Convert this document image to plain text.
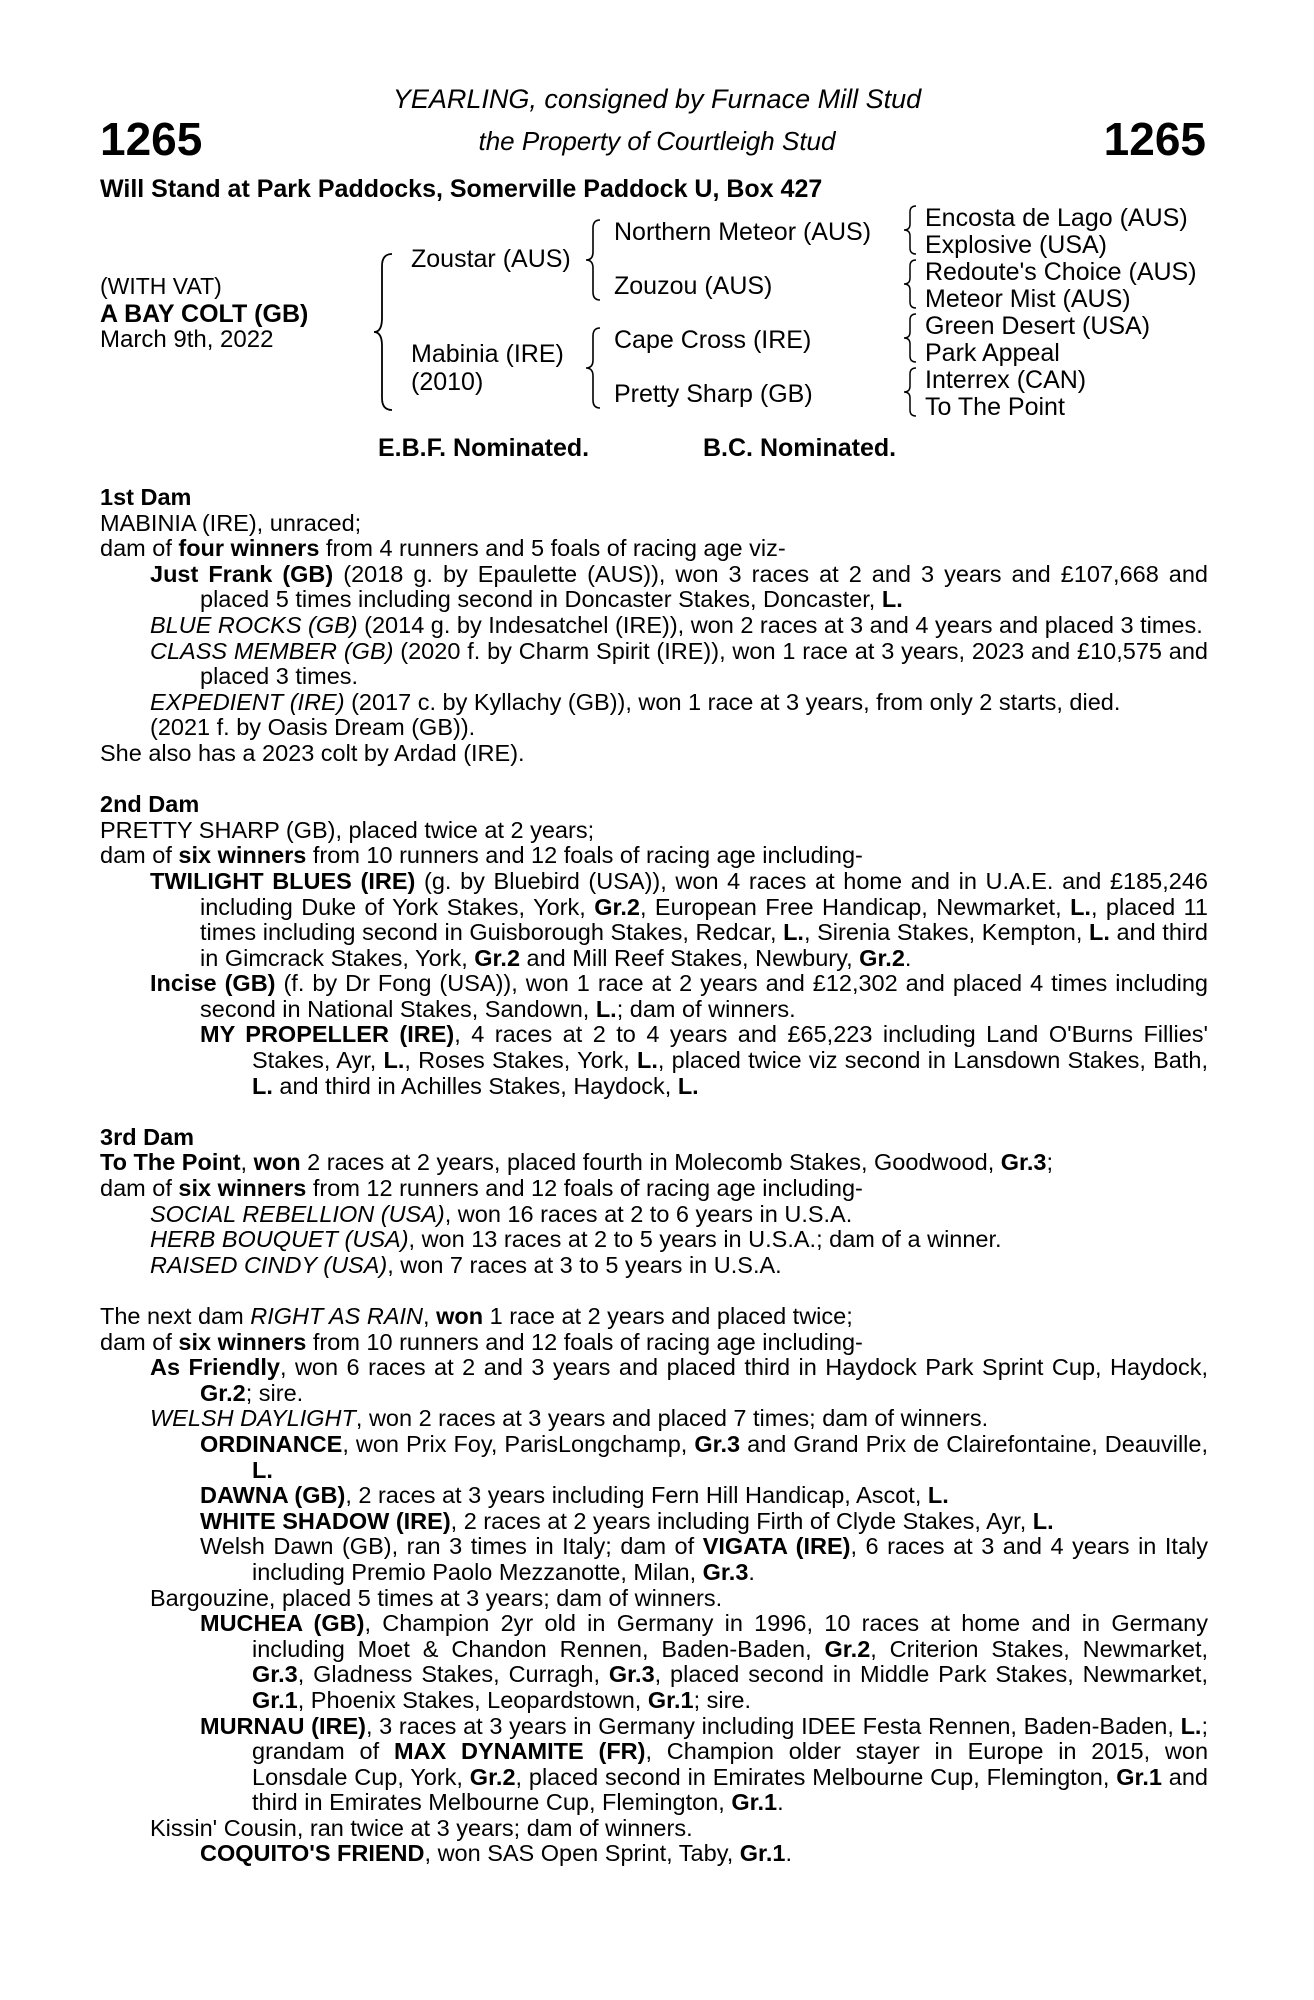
1265	1265
YEARLING, consigned by Furnace Mill Stud
the Property of Courtleigh Stud
Will Stand at Park Paddocks, Somerville Paddock U, Box 427
(WITH VAT)
A BAY COLT (GB)
March 9th, 2022
Zoustar (AUS)
Mabinia (IRE)
(2010)
Northern Meteor (AUS)
Zouzou (AUS)
Cape Cross (IRE)
Pretty Sharp (GB)
Encosta de Lago (AUS)
Explosive (USA)
Redoute's Choice (AUS)
Meteor Mist (AUS)
Green Desert (USA)
Park Appeal
Interrex (CAN)
To The Point
E.B.F. Nominated.	B.C. Nominated.

1st Dam

MABINIA (IRE), unraced;

dam of four winners from 4 runners and 5 foals of racing age viz-

Just Frank (GB) (2018 g. by Epaulette (AUS)), won 3 races at 2 and 3 years and £107,668 and placed 5 times including second in Doncaster Stakes, Doncaster, L.

BLUE ROCKS (GB) (2014 g. by Indesatchel (IRE)), won 2 races at 3 and 4 years and placed 3 times.

CLASS MEMBER (GB) (2020 f. by Charm Spirit (IRE)), won 1 race at 3 years, 2023 and £10,575 and placed 3 times.

EXPEDIENT (IRE) (2017 c. by Kyllachy (GB)), won 1 race at 3 years, from only 2 starts, died.

(2021 f. by Oasis Dream (GB)).

She also has a 2023 colt by Ardad (IRE).

2nd Dam

PRETTY SHARP (GB), placed twice at 2 years;

dam of six winners from 10 runners and 12 foals of racing age including-

TWILIGHT BLUES (IRE) (g. by Bluebird (USA)), won 4 races at home and in U.A.E. and £185,246 including Duke of York Stakes, York, Gr.2, European Free Handicap, Newmarket, L., placed 11 times including second in Guisborough Stakes, Redcar, L., Sirenia Stakes, Kempton, L. and third in Gimcrack Stakes, York, Gr.2 and Mill Reef Stakes, Newbury, Gr.2.

Incise (GB) (f. by Dr Fong (USA)), won 1 race at 2 years and £12,302 and placed 4 times including second in National Stakes, Sandown, L.; dam of winners.

MY PROPELLER (IRE), 4 races at 2 to 4 years and £65,223 including Land O'Burns Fillies' Stakes, Ayr, L., Roses Stakes, York, L., placed twice viz second in Lansdown Stakes, Bath, L. and third in Achilles Stakes, Haydock, L.

3rd Dam

To The Point, won 2 races at 2 years, placed fourth in Molecomb Stakes, Goodwood, Gr.3;

dam of six winners from 12 runners and 12 foals of racing age including-

SOCIAL REBELLION (USA), won 16 races at 2 to 6 years in U.S.A.

HERB BOUQUET (USA), won 13 races at 2 to 5 years in U.S.A.; dam of a winner.

RAISED CINDY (USA), won 7 races at 3 to 5 years in U.S.A.

The next dam RIGHT AS RAIN, won 1 race at 2 years and placed twice;

dam of six winners from 10 runners and 12 foals of racing age including-

As Friendly, won 6 races at 2 and 3 years and placed third in Haydock Park Sprint Cup, Haydock, Gr.2; sire.

WELSH DAYLIGHT, won 2 races at 3 years and placed 7 times; dam of winners.

ORDINANCE, won Prix Foy, ParisLongchamp, Gr.3 and Grand Prix de Clairefontaine, Deauville, L.

DAWNA (GB), 2 races at 3 years including Fern Hill Handicap, Ascot, L.

WHITE SHADOW (IRE), 2 races at 2 years including Firth of Clyde Stakes, Ayr, L.

Welsh Dawn (GB), ran 3 times in Italy; dam of VIGATA (IRE), 6 races at 3 and 4 years in Italy including Premio Paolo Mezzanotte, Milan, Gr.3.

Bargouzine, placed 5 times at 3 years; dam of winners.

MUCHEA (GB), Champion 2yr old in Germany in 1996, 10 races at home and in Germany including Moet & Chandon Rennen, Baden-Baden, Gr.2, Criterion Stakes, Newmarket, Gr.3, Gladness Stakes, Curragh, Gr.3, placed second in Middle Park Stakes, Newmarket, Gr.1, Phoenix Stakes, Leopardstown, Gr.1; sire.

MURNAU (IRE), 3 races at 3 years in Germany including IDEE Festa Rennen, Baden-Baden, L.; grandam of MAX DYNAMITE (FR), Champion older stayer in Europe in 2015, won Lonsdale Cup, York, Gr.2, placed second in Emirates Melbourne Cup, Flemington, Gr.1 and third in Emirates Melbourne Cup, Flemington, Gr.1.

Kissin' Cousin, ran twice at 3 years; dam of winners.

COQUITO'S FRIEND, won SAS Open Sprint, Taby, Gr.1.
